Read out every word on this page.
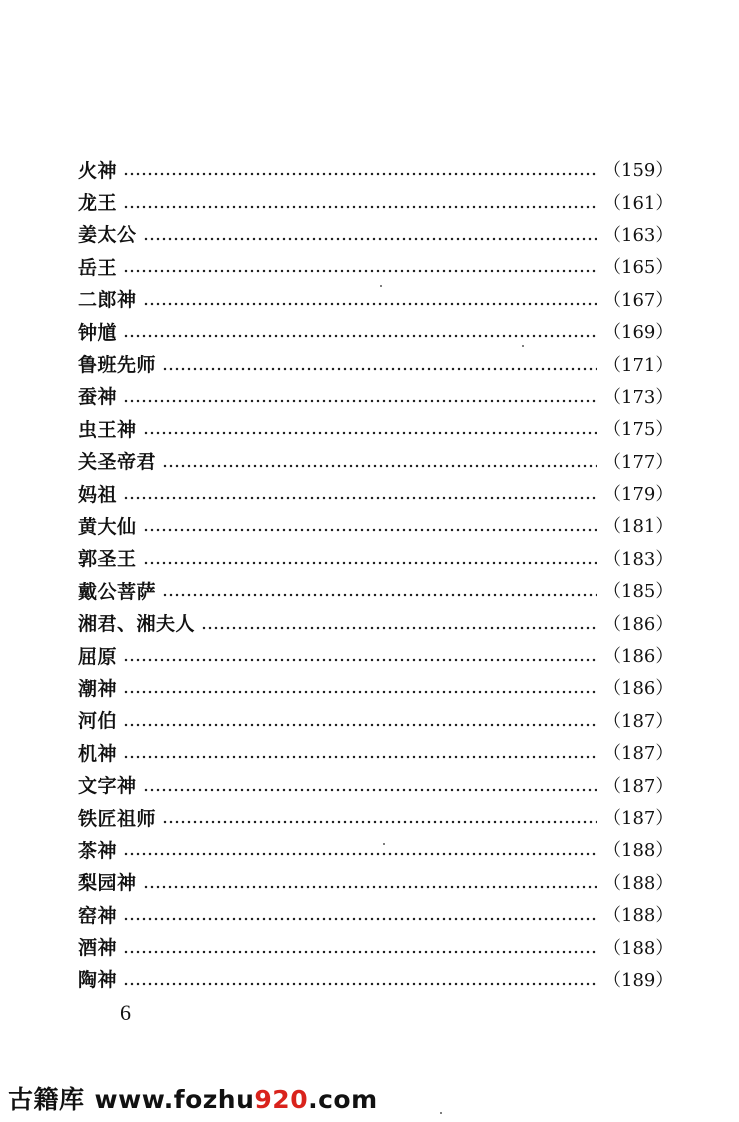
火神	（159）
龙王	（161）
姜太公	（163）
岳王	（165）
二郎神	（167）
钟馗	（169）
鲁班先师	（171）
蚕神	（173）
虫王神	（175）
关圣帝君	（177）
妈祖	（179）
黄大仙	（181）
郭圣王	（183）
戴公菩萨	（185）
湘君、湘夫人	（186）
屈原	（186）
潮神	（186）
河伯	（187）
机神	（187）
文字神	（187）
铁匠祖师	（187）
茶神	（188）
梨园神	（188）
窑神	（188）
酒神	（188）
陶神	（189）
6
古籍库 www.fozhu920.com
